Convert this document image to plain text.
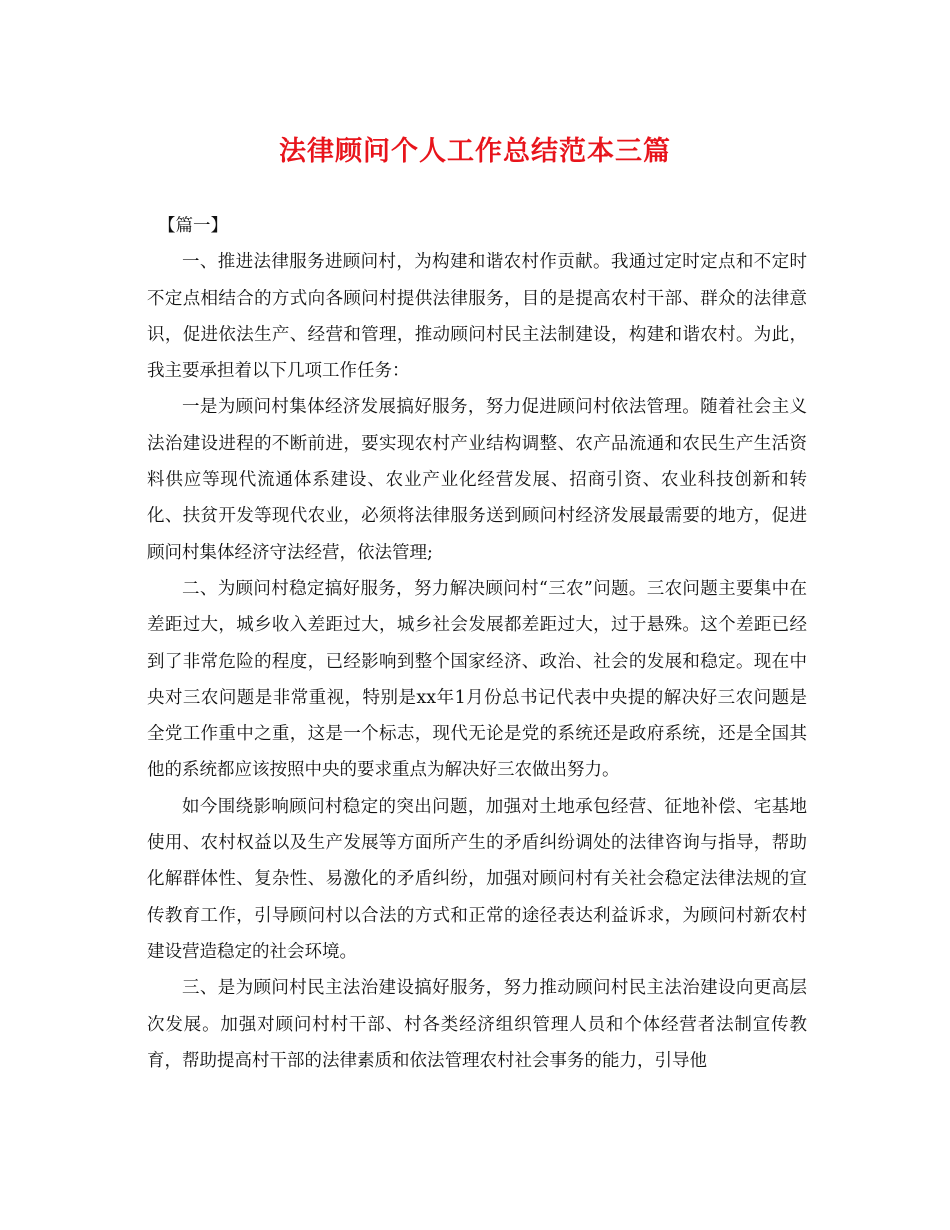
法律顾问个人工作总结范本三篇

【篇一】

一、推进法律服务进顾问村，为构建和谐农村作贡献。我通过定时定点和不定时不定点相结合的方式向各顾问村提供法律服务，目的是提高农村干部、群众的法律意识，促进依法生产、经营和管理，推动顾问村民主法制建设，构建和谐农村。为此，我主要承担着以下几项工作任务：

一是为顾问村集体经济发展搞好服务，努力促进顾问村依法管理。随着社会主义法治建设进程的不断前进，要实现农村产业结构调整、农产品流通和农民生产生活资料供应等现代流通体系建设、农业产业化经营发展、招商引资、农业科技创新和转化、扶贫开发等现代农业，必须将法律服务送到顾问村经济发展最需要的地方，促进顾问村集体经济守法经营，依法管理;

二、为顾问村稳定搞好服务，努力解决顾问村“三农”问题。三农问题主要集中在差距过大，城乡收入差距过大，城乡社会发展都差距过大，过于悬殊。这个差距已经到了非常危险的程度，已经影响到整个国家经济、政治、社会的发展和稳定。现在中央对三农问题是非常重视，特别是xx年1月份总书记代表中央提的解决好三农问题是全党工作重中之重，这是一个标志，现代无论是党的系统还是政府系统，还是全国其他的系统都应该按照中央的要求重点为解决好三农做出努力。

如今围绕影响顾问村稳定的突出问题，加强对土地承包经营、征地补偿、宅基地使用、农村权益以及生产发展等方面所产生的矛盾纠纷调处的法律咨询与指导，帮助化解群体性、复杂性、易激化的矛盾纠纷，加强对顾问村有关社会稳定法律法规的宣传教育工作，引导顾问村以合法的方式和正常的途径表达利益诉求，为顾问村新农村建设营造稳定的社会环境。

三、是为顾问村民主法治建设搞好服务，努力推动顾问村民主法治建设向更高层次发展。加强对顾问村村干部、村各类经济组织管理人员和个体经营者法制宣传教育，帮助提高村干部的法律素质和依法管理农村社会事务的能力，引导他
